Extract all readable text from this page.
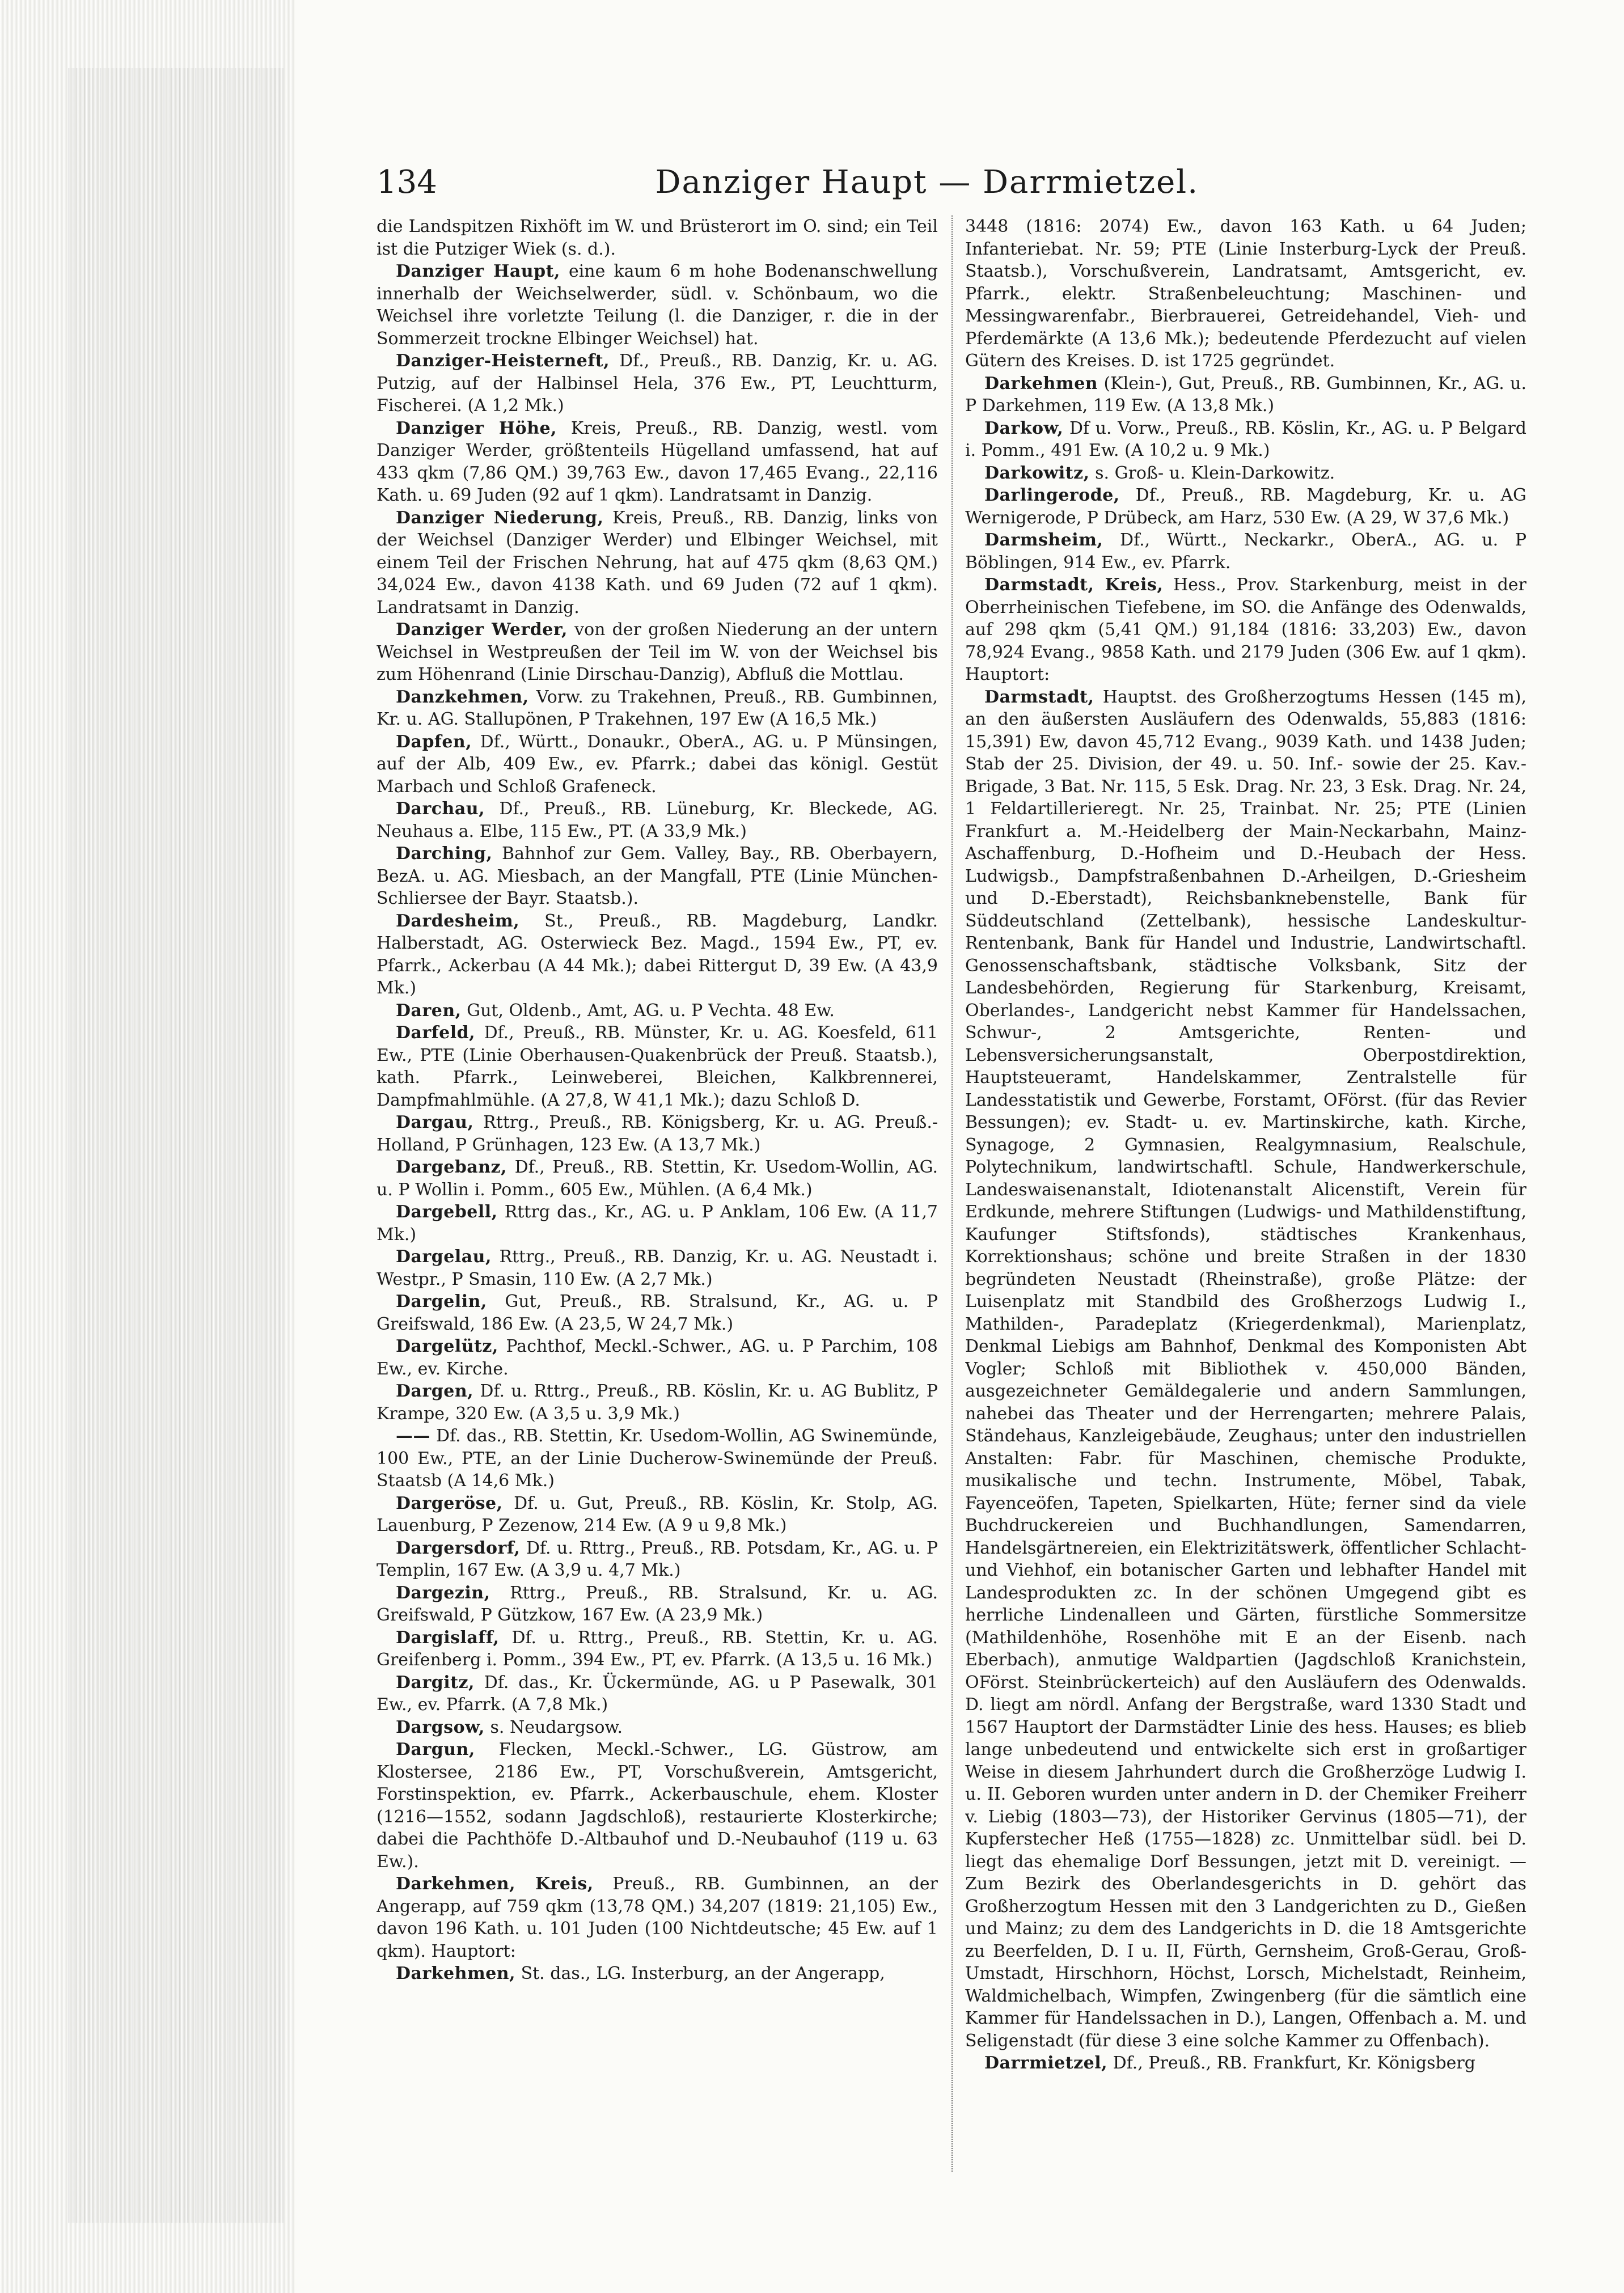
134	Danziger Haupt — Darrmietzel.

die Landspitzen Rixhöft im W. und Brüsterort im O. sind; ein Teil ist die Putziger Wiek (s. d.).

Danziger Haupt, eine kaum 6 m hohe Bodenanschwellung innerhalb der Weichselwerder, südl. v. Schönbaum, wo die Weichsel ihre vorletzte Teilung (l. die Danziger, r. die in der Sommerzeit trockne Elbinger Weichsel) hat.

Danziger-Heisterneft, Df., Preuß., RB. Danzig, Kr. u. AG. Putzig, auf der Halbinsel Hela, 376 Ew., PT, Leuchtturm, Fischerei. (A 1,2 Mk.)

Danziger Höhe, Kreis, Preuß., RB. Danzig, westl. vom Danziger Werder, größtenteils Hügelland umfassend, hat auf 433 qkm (7,86 QM.) 39,763 Ew., davon 17,465 Evang., 22,116 Kath. u. 69 Juden (92 auf 1 qkm). Landratsamt in Danzig.

Danziger Niederung, Kreis, Preuß., RB. Danzig, links von der Weichsel (Danziger Werder) und Elbinger Weichsel, mit einem Teil der Frischen Nehrung, hat auf 475 qkm (8,63 QM.) 34,024 Ew., davon 4138 Kath. und 69 Juden (72 auf 1 qkm). Landratsamt in Danzig.

Danziger Werder, von der großen Niederung an der untern Weichsel in Westpreußen der Teil im W. von der Weichsel bis zum Höhenrand (Linie Dirschau-Danzig), Abfluß die Mottlau.

Danzkehmen, Vorw. zu Trakehnen, Preuß., RB. Gumbinnen, Kr. u. AG. Stallupönen, P Trakehnen, 197 Ew (A 16,5 Mk.)

Dapfen, Df., Württ., Donaukr., OberA., AG. u. P Münsingen, auf der Alb, 409 Ew., ev. Pfarrk.; dabei das königl. Gestüt Marbach und Schloß Grafeneck.

Darchau, Df., Preuß., RB. Lüneburg, Kr. Bleckede, AG. Neuhaus a. Elbe, 115 Ew., PT. (A 33,9 Mk.)

Darching, Bahnhof zur Gem. Valley, Bay., RB. Oberbayern, BezA. u. AG. Miesbach, an der Mangfall, PTE (Linie München-Schliersee der Bayr. Staatsb.).

Dardesheim, St., Preuß., RB. Magdeburg, Landkr. Halberstadt, AG. Osterwieck Bez. Magd., 1594 Ew., PT, ev. Pfarrk., Ackerbau (A 44 Mk.); dabei Rittergut D, 39 Ew. (A 43,9 Mk.)

Daren, Gut, Oldenb., Amt, AG. u. P Vechta. 48 Ew.

Darfeld, Df., Preuß., RB. Münster, Kr. u. AG. Koesfeld, 611 Ew., PTE (Linie Oberhausen-Quakenbrück der Preuß. Staatsb.), kath. Pfarrk., Leinweberei, Bleichen, Kalkbrennerei, Dampfmahlmühle. (A 27,8, W 41,1 Mk.); dazu Schloß D.

Dargau, Rttrg., Preuß., RB. Königsberg, Kr. u. AG. Preuß.-Holland, P Grünhagen, 123 Ew. (A 13,7 Mk.)

Dargebanz, Df., Preuß., RB. Stettin, Kr. Usedom-Wollin, AG. u. P Wollin i. Pomm., 605 Ew., Mühlen. (A 6,4 Mk.)

Dargebell, Rttrg das., Kr., AG. u. P Anklam, 106 Ew. (A 11,7 Mk.)

Dargelau, Rttrg., Preuß., RB. Danzig, Kr. u. AG. Neustadt i. Westpr., P Smasin, 110 Ew. (A 2,7 Mk.)

Dargelin, Gut, Preuß., RB. Stralsund, Kr., AG. u. P Greifswald, 186 Ew. (A 23,5, W 24,7 Mk.)

Dargelütz, Pachthof, Meckl.-Schwer., AG. u. P Parchim, 108 Ew., ev. Kirche.

Dargen, Df. u. Rttrg., Preuß., RB. Köslin, Kr. u. AG Bublitz, P Krampe, 320 Ew. (A 3,5 u. 3,9 Mk.)

—— Df. das., RB. Stettin, Kr. Usedom-Wollin, AG Swinemünde, 100 Ew., PTE, an der Linie Ducherow-Swinemünde der Preuß. Staatsb (A 14,6 Mk.)

Dargeröse, Df. u. Gut, Preuß., RB. Köslin, Kr. Stolp, AG. Lauenburg, P Zezenow, 214 Ew. (A 9 u 9,8 Mk.)

Dargersdorf, Df. u. Rttrg., Preuß., RB. Potsdam, Kr., AG. u. P Templin, 167 Ew. (A 3,9 u. 4,7 Mk.)

Dargezin, Rttrg., Preuß., RB. Stralsund, Kr. u. AG. Greifswald, P Gützkow, 167 Ew. (A 23,9 Mk.)

Dargislaff, Df. u. Rttrg., Preuß., RB. Stettin, Kr. u. AG. Greifenberg i. Pomm., 394 Ew., PT, ev. Pfarrk. (A 13,5 u. 16 Mk.)

Dargitz, Df. das., Kr. Ückermünde, AG. u P Pasewalk, 301 Ew., ev. Pfarrk. (A 7,8 Mk.)

Dargsow, s. Neudargsow.

Dargun, Flecken, Meckl.-Schwer., LG. Güstrow, am Klostersee, 2186 Ew., PT, Vorschußverein, Amtsgericht, Forstinspektion, ev. Pfarrk., Ackerbauschule, ehem. Kloster (1216—1552, sodann Jagdschloß), restaurierte Klosterkirche; dabei die Pachthöfe D.-Altbauhof und D.-Neubauhof (119 u. 63 Ew.).

Darkehmen, Kreis, Preuß., RB. Gumbinnen, an der Angerapp, auf 759 qkm (13,78 QM.) 34,207 (1819: 21,105) Ew., davon 196 Kath. u. 101 Juden (100 Nichtdeutsche; 45 Ew. auf 1 qkm). Hauptort:

Darkehmen, St. das., LG. Insterburg, an der Angerapp,

3448 (1816: 2074) Ew., davon 163 Kath. u 64 Juden; Infanteriebat. Nr. 59; PTE (Linie Insterburg-Lyck der Preuß. Staatsb.), Vorschußverein, Landratsamt, Amtsgericht, ev. Pfarrk., elektr. Straßenbeleuchtung; Maschinen- und Messingwarenfabr., Bierbrauerei, Getreidehandel, Vieh- und Pferdemärkte (A 13,6 Mk.); bedeutende Pferdezucht auf vielen Gütern des Kreises. D. ist 1725 gegründet.

Darkehmen (Klein-), Gut, Preuß., RB. Gumbinnen, Kr., AG. u. P Darkehmen, 119 Ew. (A 13,8 Mk.)

Darkow, Df u. Vorw., Preuß., RB. Köslin, Kr., AG. u. P Belgard i. Pomm., 491 Ew. (A 10,2 u. 9 Mk.)

Darkowitz, s. Groß- u. Klein-Darkowitz.

Darlingerode, Df., Preuß., RB. Magdeburg, Kr. u. AG Wernigerode, P Drübeck, am Harz, 530 Ew. (A 29, W 37,6 Mk.)

Darmsheim, Df., Württ., Neckarkr., OberA., AG. u. P Böblingen, 914 Ew., ev. Pfarrk.

Darmstadt, Kreis, Hess., Prov. Starkenburg, meist in der Oberrheinischen Tiefebene, im SO. die Anfänge des Odenwalds, auf 298 qkm (5,41 QM.) 91,184 (1816: 33,203) Ew., davon 78,924 Evang., 9858 Kath. und 2179 Juden (306 Ew. auf 1 qkm). Hauptort:

Darmstadt, Hauptst. des Großherzogtums Hessen (145 m), an den äußersten Ausläufern des Odenwalds, 55,883 (1816: 15,391) Ew, davon 45,712 Evang., 9039 Kath. und 1438 Juden; Stab der 25. Division, der 49. u. 50. Inf.- sowie der 25. Kav.-Brigade, 3 Bat. Nr. 115, 5 Esk. Drag. Nr. 23, 3 Esk. Drag. Nr. 24, 1 Feldartillerieregt. Nr. 25, Trainbat. Nr. 25; PTE (Linien Frankfurt a. M.-Heidelberg der Main-Neckarbahn, Mainz-Aschaffenburg, D.-Hofheim und D.-Heubach der Hess. Ludwigsb., Dampfstraßenbahnen D.-Arheilgen, D.-Griesheim und D.-Eberstadt), Reichsbanknebenstelle, Bank für Süddeutschland (Zettelbank), hessische Landeskultur-Rentenbank, Bank für Handel und Industrie, Landwirtschaftl. Genossenschaftsbank, städtische Volksbank, Sitz der Landesbehörden, Regierung für Starkenburg, Kreisamt, Oberlandes-, Landgericht nebst Kammer für Handelssachen, Schwur-, 2 Amtsgerichte, Renten- und Lebensversicherungsanstalt, Oberpostdirektion, Hauptsteueramt, Handelskammer, Zentralstelle für Landesstatistik und Gewerbe, Forstamt, OFörst. (für das Revier Bessungen); ev. Stadt- u. ev. Martinskirche, kath. Kirche, Synagoge, 2 Gymnasien, Realgymnasium, Realschule, Polytechnikum, landwirtschaftl. Schule, Handwerkerschule, Landeswaisenanstalt, Idiotenanstalt Alicenstift, Verein für Erdkunde, mehrere Stiftungen (Ludwigs- und Mathildenstiftung, Kaufunger Stiftsfonds), städtisches Krankenhaus, Korrektionshaus; schöne und breite Straßen in der 1830 begründeten Neustadt (Rheinstraße), große Plätze: der Luisenplatz mit Standbild des Großherzogs Ludwig I., Mathilden-, Paradeplatz (Kriegerdenkmal), Marienplatz, Denkmal Liebigs am Bahnhof, Denkmal des Komponisten Abt Vogler; Schloß mit Bibliothek v. 450,000 Bänden, ausgezeichneter Gemäldegalerie und andern Sammlungen, nahebei das Theater und der Herrengarten; mehrere Palais, Ständehaus, Kanzleigebäude, Zeughaus; unter den industriellen Anstalten: Fabr. für Maschinen, chemische Produkte, musikalische und techn. Instrumente, Möbel, Tabak, Fayenceöfen, Tapeten, Spielkarten, Hüte; ferner sind da viele Buchdruckereien und Buchhandlungen, Samendarren, Handelsgärtnereien, ein Elektrizitätswerk, öffentlicher Schlacht- und Viehhof, ein botanischer Garten und lebhafter Handel mit Landesprodukten zc. In der schönen Umgegend gibt es herrliche Lindenalleen und Gärten, fürstliche Sommersitze (Mathildenhöhe, Rosenhöhe mit E an der Eisenb. nach Eberbach), anmutige Waldpartien (Jagdschloß Kranichstein, OFörst. Steinbrückerteich) auf den Ausläufern des Odenwalds. D. liegt am nördl. Anfang der Bergstraße, ward 1330 Stadt und 1567 Hauptort der Darmstädter Linie des hess. Hauses; es blieb lange unbedeutend und entwickelte sich erst in großartiger Weise in diesem Jahrhundert durch die Großherzöge Ludwig I. u. II. Geboren wurden unter andern in D. der Chemiker Freiherr v. Liebig (1803—73), der Historiker Gervinus (1805—71), der Kupferstecher Heß (1755—1828) zc. Unmittelbar südl. bei D. liegt das ehemalige Dorf Bessungen, jetzt mit D. vereinigt. — Zum Bezirk des Oberlandesgerichts in D. gehört das Großherzogtum Hessen mit den 3 Landgerichten zu D., Gießen und Mainz; zu dem des Landgerichts in D. die 18 Amtsgerichte zu Beerfelden, D. I u. II, Fürth, Gernsheim, Groß-Gerau, Groß-Umstadt, Hirschhorn, Höchst, Lorsch, Michelstadt, Reinheim, Waldmichelbach, Wimpfen, Zwingenberg (für die sämtlich eine Kammer für Handelssachen in D.), Langen, Offenbach a. M. und Seligenstadt (für diese 3 eine solche Kammer zu Offenbach).

Darrmietzel, Df., Preuß., RB. Frankfurt, Kr. Königsberg
